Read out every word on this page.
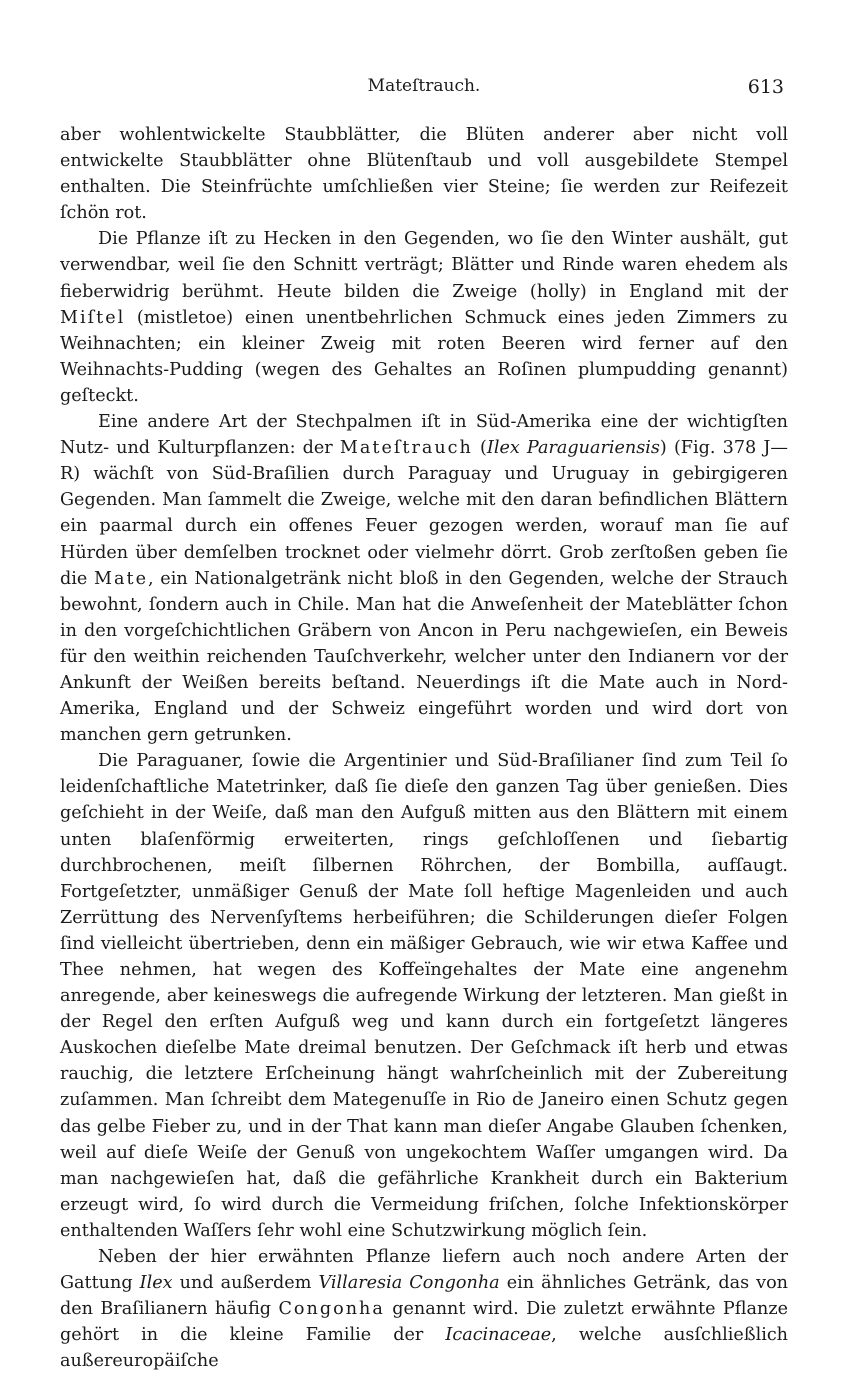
Mateſtrauch.	613

aber wohlentwickelte Staubblätter, die Blüten anderer aber nicht voll entwickelte Staubblätter ohne Blütenſtaub und voll ausgebildete Stempel enthalten. Die Steinfrüchte umſchließen vier Steine; ſie werden zur Reifezeit ſchön rot.

Die Pflanze iſt zu Hecken in den Gegenden, wo ſie den Winter aushält, gut verwendbar, weil ſie den Schnitt verträgt; Blätter und Rinde waren ehedem als fieberwidrig berühmt. Heute bilden die Zweige (holly) in England mit der Miſtel (mistletoe) einen unentbehrlichen Schmuck eines jeden Zimmers zu Weihnachten; ein kleiner Zweig mit roten Beeren wird ferner auf den Weihnachts-Pudding (wegen des Gehaltes an Roſinen plumpudding genannt) geſteckt.

Eine andere Art der Stechpalmen iſt in Süd-Amerika eine der wichtigſten Nutz- und Kulturpflanzen: der Mateſtrauch (Ilex Paraguariensis) (Fig. 378 J—R) wächſt von Süd-Braſilien durch Paraguay und Uruguay in gebirgigeren Gegenden. Man ſammelt die Zweige, welche mit den daran befindlichen Blättern ein paarmal durch ein offenes Feuer gezogen werden, worauf man ſie auf Hürden über demſelben trocknet oder vielmehr dörrt. Grob zerſtoßen geben ſie die Mate, ein Nationalgetränk nicht bloß in den Gegenden, welche der Strauch bewohnt, ſondern auch in Chile. Man hat die Anweſenheit der Mateblätter ſchon in den vorgeſchichtlichen Gräbern von Ancon in Peru nachgewieſen, ein Beweis für den weithin reichenden Tauſchverkehr, welcher unter den Indianern vor der Ankunft der Weißen bereits beſtand. Neuerdings iſt die Mate auch in Nord-Amerika, England und der Schweiz eingeführt worden und wird dort von manchen gern getrunken.

Die Paraguaner, ſowie die Argentinier und Süd-Braſilianer ſind zum Teil ſo leidenſchaftliche Matetrinker, daß ſie dieſe den ganzen Tag über genießen. Dies geſchieht in der Weiſe, daß man den Aufguß mitten aus den Blättern mit einem unten blaſenförmig erweiterten, rings geſchloſſenen und ſiebartig durchbrochenen, meiſt ſilbernen Röhrchen, der Bombilla, aufſaugt. Fortgeſetzter, unmäßiger Genuß der Mate ſoll heftige Magenleiden und auch Zerrüttung des Nervenſyſtems herbeiführen; die Schilderungen dieſer Folgen ſind vielleicht übertrieben, denn ein mäßiger Gebrauch, wie wir etwa Kaffee und Thee nehmen, hat wegen des Koffeïngehaltes der Mate eine angenehm anregende, aber keineswegs die aufregende Wirkung der letzteren. Man gießt in der Regel den erſten Aufguß weg und kann durch ein fortgeſetzt längeres Auskochen dieſelbe Mate dreimal benutzen. Der Geſchmack iſt herb und etwas rauchig, die letztere Erſcheinung hängt wahrſcheinlich mit der Zubereitung zuſammen. Man ſchreibt dem Mategenuſſe in Rio de Janeiro einen Schutz gegen das gelbe Fieber zu, und in der That kann man dieſer Angabe Glauben ſchenken, weil auf dieſe Weiſe der Genuß von ungekochtem Waſſer umgangen wird. Da man nachgewieſen hat, daß die gefährliche Krankheit durch ein Bakterium erzeugt wird, ſo wird durch die Vermeidung friſchen, ſolche Infektionskörper enthaltenden Waſſers ſehr wohl eine Schutzwirkung möglich ſein.

Neben der hier erwähnten Pflanze liefern auch noch andere Arten der Gattung Ilex und außerdem Villaresia Congonha ein ähnliches Getränk, das von den Braſilianern häufig Congonha genannt wird. Die zuletzt erwähnte Pflanze gehört in die kleine Familie der Icacinaceae, welche ausſchließlich außereuropäiſche
